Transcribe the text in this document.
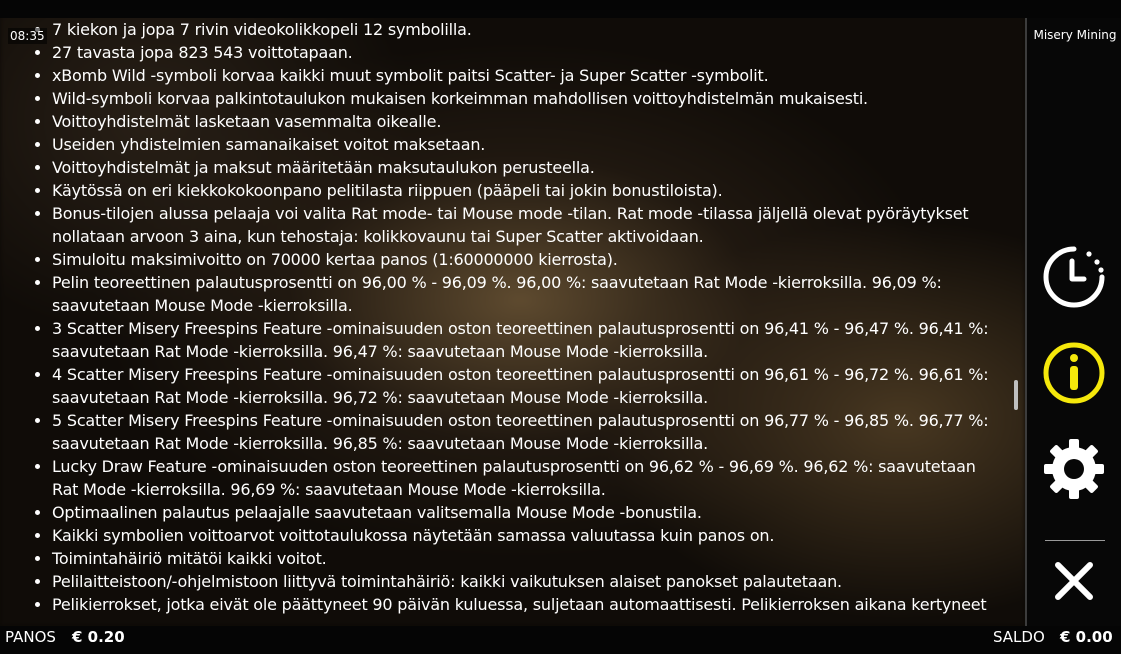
• 7 kiekon ja jopa 7 rivin videokolikkopeli 12 symbolilla.
• 27 tavasta jopa 823 543 voittotapaan.
• xBomb Wild -symboli korvaa kaikki muut symbolit paitsi Scatter- ja Super Scatter -symbolit.
• Wild-symboli korvaa palkintotaulukon mukaisen korkeimman mahdollisen voittoyhdistelmän mukaisesti.
• Voittoyhdistelmät lasketaan vasemmalta oikealle.
• Useiden yhdistelmien samanaikaiset voitot maksetaan.
• Voittoyhdistelmät ja maksut määritetään maksutaulukon perusteella.
• Käytössä on eri kiekkokokoonpano pelitilasta riippuen (pääpeli tai jokin bonustiloista).
• Bonus-tilojen alussa pelaaja voi valita Rat mode- tai Mouse mode -tilan. Rat mode -tilassa jäljellä olevat pyöräytykset nollataan arvoon 3 aina, kun tehostaja: kolikkovaunu tai Super Scatter aktivoidaan.
• Simuloitu maksimivoitto on 70000 kertaa panos (1:60000000 kierrosta).
• Pelin teoreettinen palautusprosentti on 96,00 % - 96,09 %. 96,00 %: saavutetaan Rat Mode -kierroksilla. 96,09 %: saavutetaan Mouse Mode -kierroksilla.
• 3 Scatter Misery Freespins Feature -ominaisuuden oston teoreettinen palautusprosentti on 96,41 % - 96,47 %. 96,41 %: saavutetaan Rat Mode -kierroksilla. 96,47 %: saavutetaan Mouse Mode -kierroksilla.
• 4 Scatter Misery Freespins Feature -ominaisuuden oston teoreettinen palautusprosentti on 96,61 % - 96,72 %. 96,61 %: saavutetaan Rat Mode -kierroksilla. 96,72 %: saavutetaan Mouse Mode -kierroksilla.
• 5 Scatter Misery Freespins Feature -ominaisuuden oston teoreettinen palautusprosentti on 96,77 % - 96,85 %. 96,77 %: saavutetaan Rat Mode -kierroksilla. 96,85 %: saavutetaan Mouse Mode -kierroksilla.
• Lucky Draw Feature -ominaisuuden oston teoreettinen palautusprosentti on 96,62 % - 96,69 %. 96,62 %: saavutetaan Rat Mode -kierroksilla. 96,69 %: saavutetaan Mouse Mode -kierroksilla.
• Optimaalinen palautus pelaajalle saavutetaan valitsemalla Mouse Mode -bonustila.
• Kaikki symbolien voittoarvot voittotaulukossa näytetään samassa valuutassa kuin panos on.
• Toimintahäiriö mitätöi kaikki voitot.
• Pelilaitteistoon/-ohjelmistoon liittyvä toimintahäiriö: kaikki vaikutuksen alaiset panokset palautetaan.
• Pelikierrokset, jotka eivät ole päättyneet 90 päivän kuluessa, suljetaan automaattisesti. Pelikierroksen aikana kertyneet
08:35	Misery Mining
PANOS € 0.20	SALDO € 0.00
